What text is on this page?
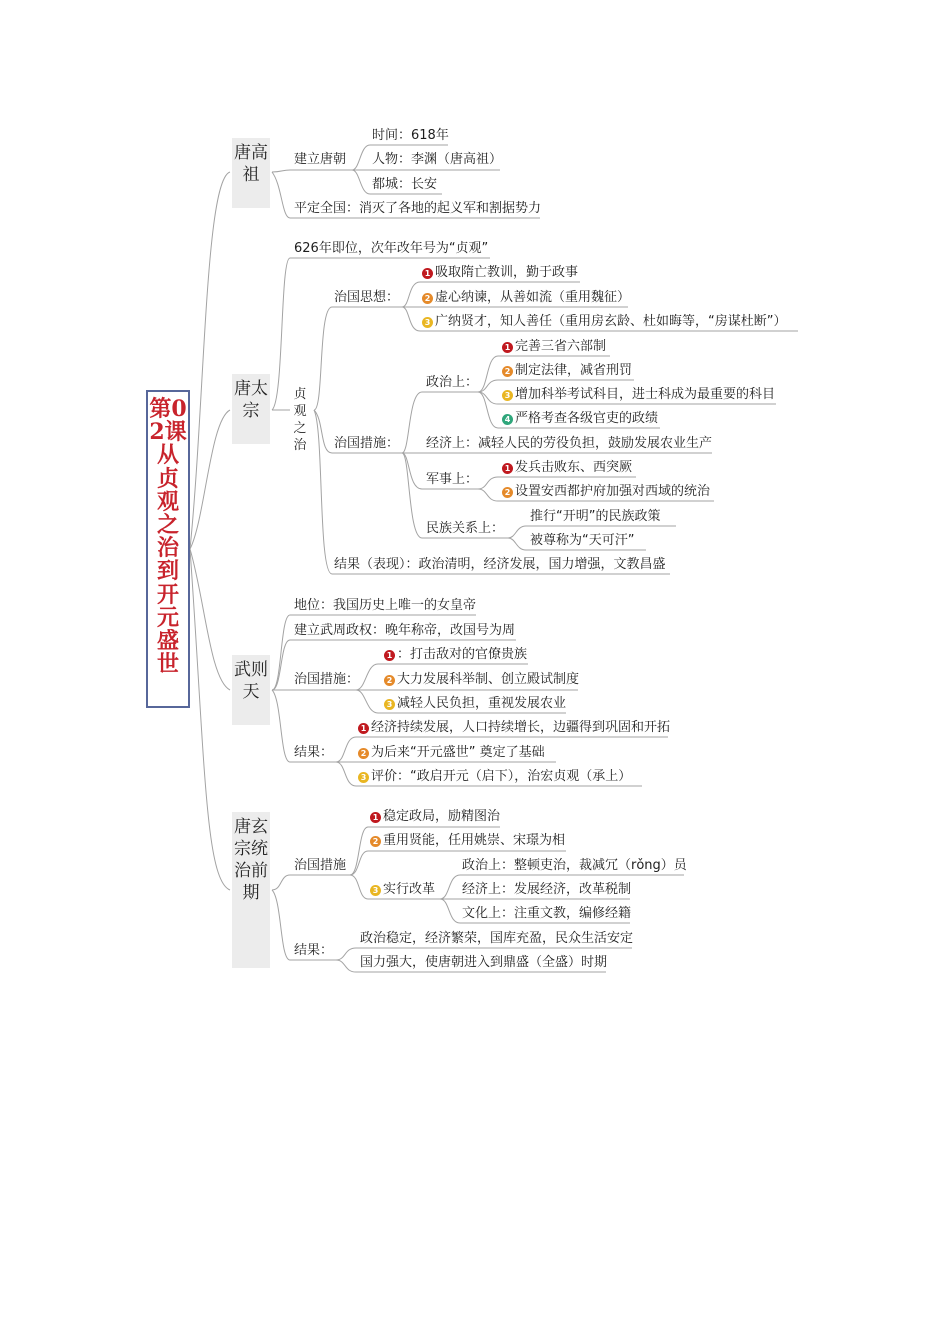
第02课从贞观之治到开元盛世
唐高祖
唐太宗
武则天
唐玄宗统治前期
建立唐朝
时间：618年
人物：李渊（唐高祖）
都城：长安
平定全国：消灭了各地的起义军和割据势力
626年即位，次年改年号为“贞观”
贞观之治
治国思想：
1 吸取隋亡教训，勤于政事
2 虚心纳谏，从善如流（重用魏征）
3 广纳贤才，知人善任（重用房玄龄、杜如晦等，“房谋杜断”）
治国措施：
政治上：
1 完善三省六部制
2 制定法律，减省刑罚
3 增加科举考试科目，进士科成为最重要的科目
4 严格考查各级官吏的政绩
经济上：减轻人民的劳役负担，鼓励发展农业生产
军事上：
1 发兵击败东、西突厥
2 设置安西都护府加强对西域的统治
民族关系上：
推行“开明”的民族政策
被尊称为“天可汗”
结果（表现）：政治清明，经济发展，国力增强，文教昌盛
地位：我国历史上唯一的女皇帝
建立武周政权：晚年称帝，改国号为周
治国措施：
1 ：打击敌对的官僚贵族
2 大力发展科举制、创立殿试制度
3 减轻人民负担，重视发展农业
结果：
1 经济持续发展，人口持续增长，边疆得到巩固和开拓
2 为后来“开元盛世” 奠定了基础
3 评价：“政启开元（启下），治宏贞观（承上）
治国措施
1 稳定政局，励精图治
2 重用贤能，任用姚崇、宋璟为相
3 实行改革
政治上：整顿吏治，裁减冗（rǒng）员
经济上：发展经济，改革税制
文化上：注重文教，编修经籍
结果：
政治稳定，经济繁荣，国库充盈，民众生活安定
国力强大，使唐朝进入到鼎盛（全盛）时期
